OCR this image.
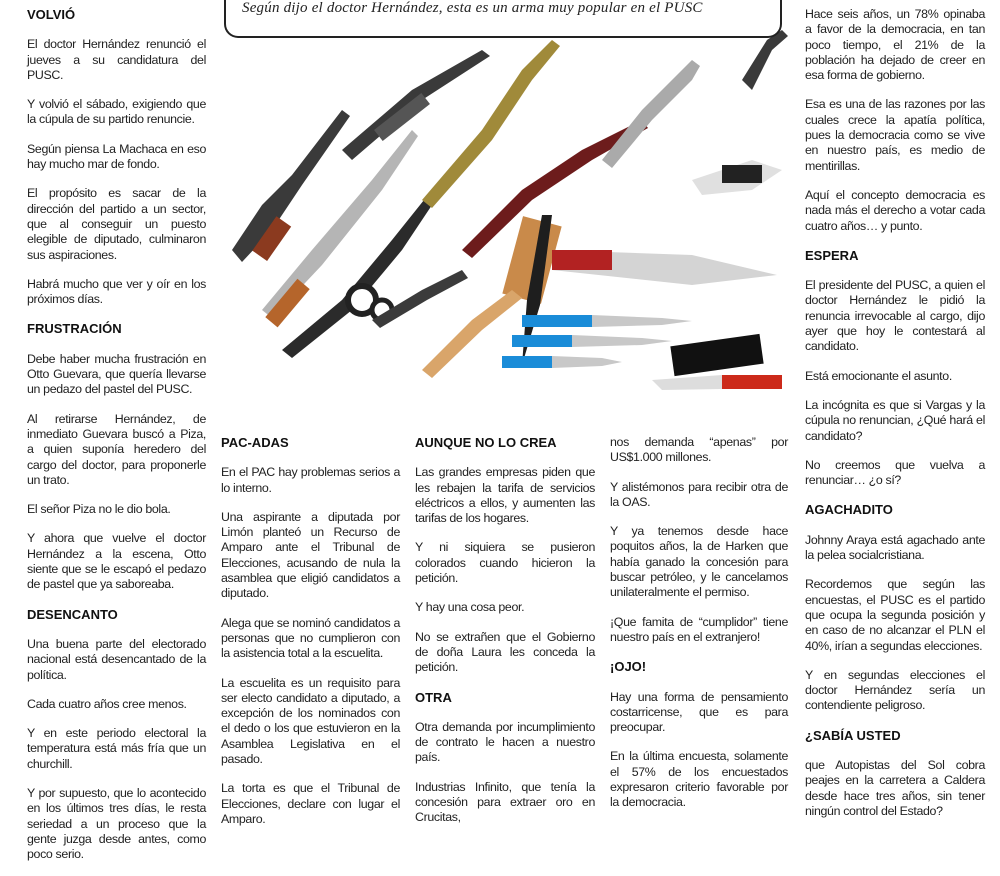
VOLVIÓ

El doctor Hernández renunció el jueves a su candidatura del PUSC.

Y volvió el sábado, exigiendo que la cúpula de su partido renuncie.

Según piensa La Machaca en eso hay mucho mar de fondo.

El propósito es sacar de la dirección del partido a un sector, que al conseguir un puesto elegible de diputado, culminaron sus aspiraciones.

Habrá mucho que ver y oír en los próximos días.

FRUSTRACIÓN

Debe haber mucha frustración en Otto Guevara, que quería llevarse un pedazo del pastel del PUSC.

Al retirarse Hernández, de inmediato Guevara buscó a Piza, a quien suponía heredero del cargo del doctor, para proponerle un trato.

El señor Piza no le dio bola.

Y ahora que vuelve el doctor Hernández a la escena, Otto siente que se le escapó el pedazo de pastel que ya saboreaba.

DESENCANTO

Una buena parte del electorado nacional está desencantado de la política.

Cada cuatro años cree menos.

Y en este periodo electoral la temperatura está más fría que un churchill.

Y por supuesto, que lo acontecido en los últimos tres días, le resta seriedad a un proceso que la gente juzga desde antes, como poco serio.

Según dijo el doctor Hernández, esta es un arma muy popular en el PUSC
PAC-ADAS

En el PAC hay problemas serios a lo interno.

Una aspirante a diputada por Limón planteó un Recurso de Amparo ante el Tribunal de Elecciones, acusando de nula la asamblea que eligió candidatos a diputado.

Alega que se nominó candidatos a personas que no cumplieron con la asistencia total a la escuelita.

La escuelita es un requisito para ser electo candidato a diputado, a excepción de los nominados con el dedo o los que estuvieron en la Asamblea Legislativa en el pasado.

La torta es que el Tribunal de Elecciones, declare con lugar el Amparo.

AUNQUE NO LO CREA

Las grandes empresas piden que les rebajen la tarifa de servicios eléctricos a ellos, y aumenten las tarifas de los hogares.

Y ni siquiera se pusieron colorados cuando hicieron la petición.

Y hay una cosa peor.

No se extrañen que el Gobierno de doña Laura les conceda la petición.

OTRA

Otra demanda por incumplimiento de contrato le hacen a nuestro país.

Industrias Infinito, que tenía la concesión para extraer oro en Crucitas,

nos demanda “apenas” por US$1.000 millones.

Y alistémonos para recibir otra de la OAS.

Y ya tenemos desde hace poquitos años, la de Harken que había ganado la concesión para buscar petróleo, y le cancelamos unilateralmente el permiso.

¡Que famita de “cumplidor” tiene nuestro país en el extranjero!

¡OJO!

Hay una forma de pensamiento costarricense, que es para preocupar.

En la última encuesta, solamente el 57% de los encuestados expresaron criterio favorable por la democracia.

Hace seis años, un 78% opinaba a favor de la democracia, en tan poco tiempo, el 21% de la población ha dejado de creer en esa forma de gobierno.

Esa es una de las razones por las cuales crece la apatía política, pues la democracia como se vive en nuestro país, es medio de mentirillas.

Aquí el concepto democracia es nada más el derecho a votar cada cuatro años… y punto.

ESPERA

El presidente del PUSC, a quien el doctor Hernández le pidió la renuncia irrevocable al cargo, dijo ayer que hoy le contestará al candidato.

Está emocionante el asunto.

La incógnita es que si Vargas y la cúpula no renuncian, ¿Qué hará el candidato?

No creemos que vuelva a renunciar… ¿o sí?

AGACHADITO

Johnny Araya está agachado ante la pelea socialcristiana.

Recordemos que según las encuestas, el PUSC es el partido que ocupa la segunda posición y en caso de no alcanzar el PLN el 40%, irían a segundas elecciones.

Y en segundas elecciones el doctor Hernández sería un contendiente peligroso.

¿SABÍA USTED

que Autopistas del Sol cobra peajes en la carretera a Caldera desde hace tres años, sin tener ningún control del Estado?
